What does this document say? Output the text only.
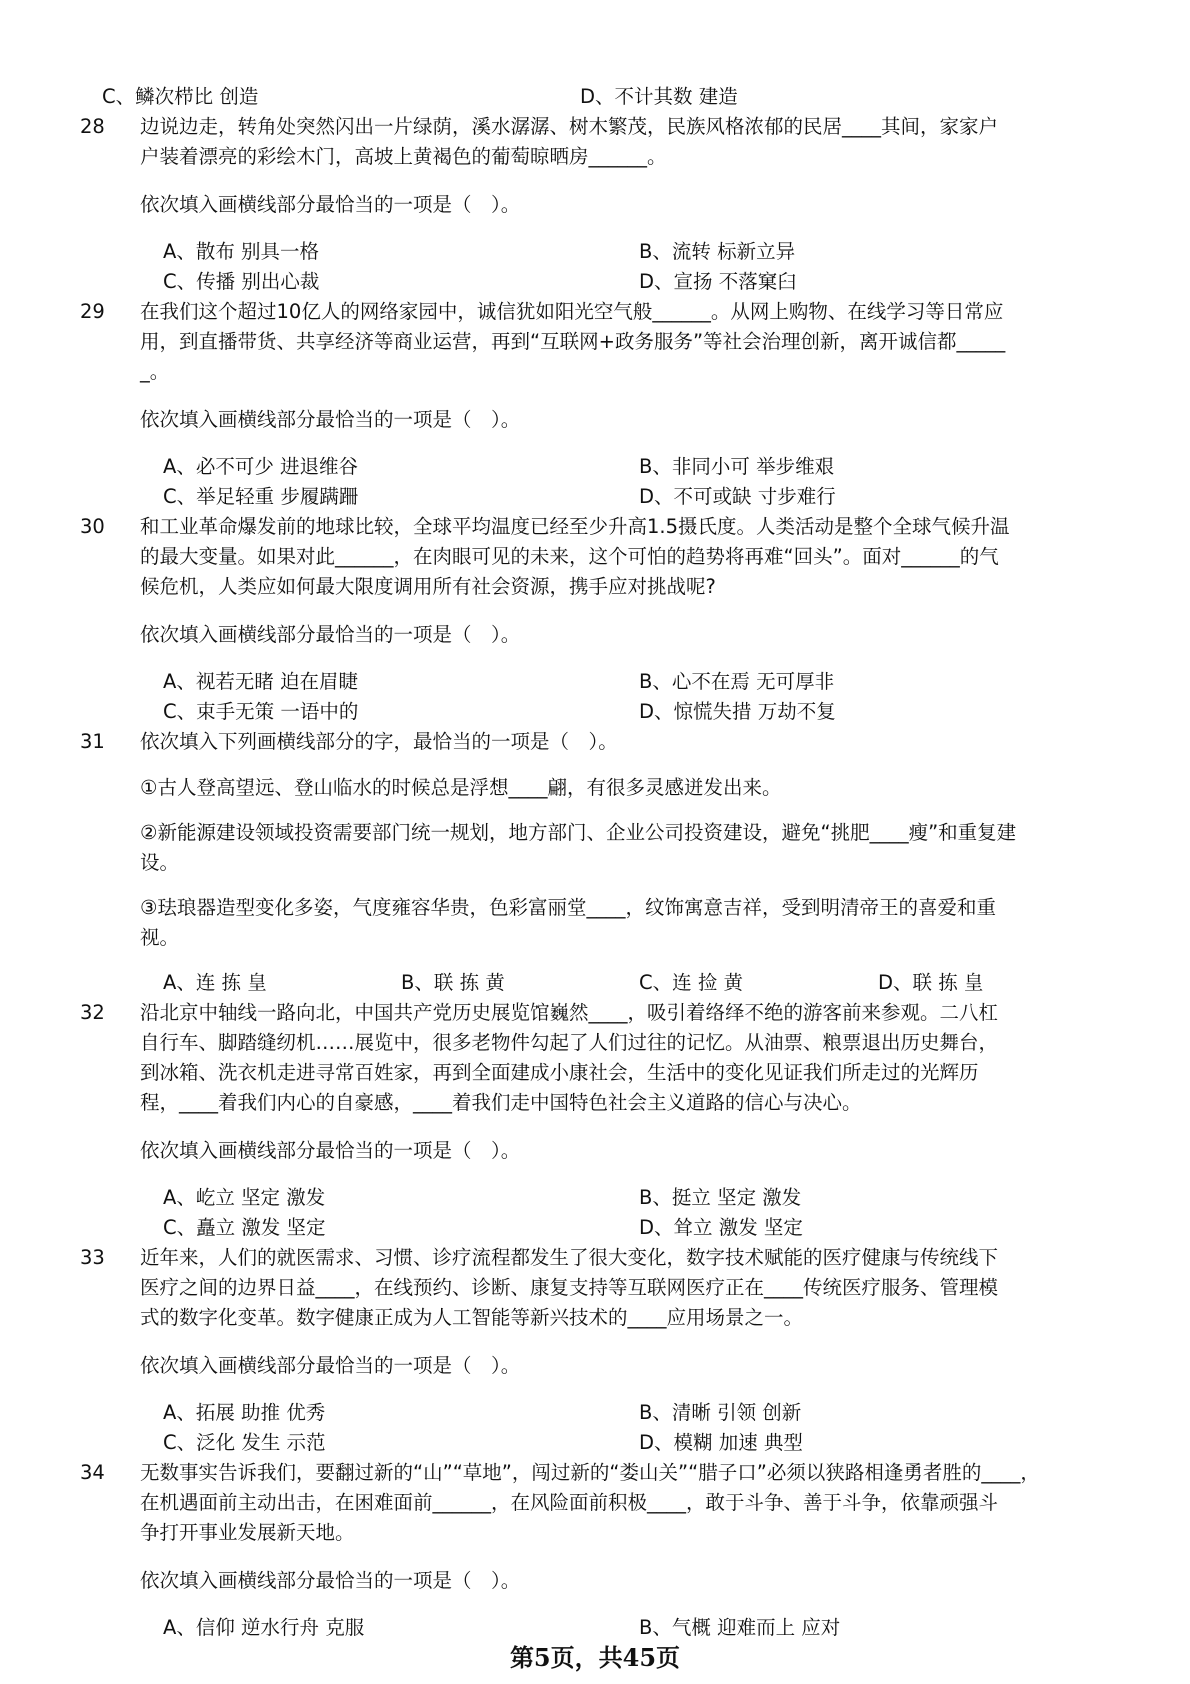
C、鳞次栉比 创造	D、不计其数 建造
28 边说边走，转角处突然闪出一片绿荫，溪水潺潺、树木繁茂，民族风格浓郁的民居____其间，家家户
户装着漂亮的彩绘木门，高坡上黄褐色的葡萄晾晒房______。
依次填入画横线部分最恰当的一项是（　）。
A、散布 别具一格	B、流转 标新立异
C、传播 别出心裁	D、宣扬 不落窠臼
29 在我们这个超过10亿人的网络家园中，诚信犹如阳光空气般______。从网上购物、在线学习等日常应
用，到直播带货、共享经济等商业运营，再到“互联网+政务服务”等社会治理创新，离开诚信都_____
_。
依次填入画横线部分最恰当的一项是（　）。
A、必不可少 进退维谷	B、非同小可 举步维艰
C、举足轻重 步履蹒跚	D、不可或缺 寸步难行
30 和工业革命爆发前的地球比较，全球平均温度已经至少升高1.5摄氏度。人类活动是整个全球气候升温
的最大变量。如果对此______，在肉眼可见的未来，这个可怕的趋势将再难“回头”。面对______的气
候危机，人类应如何最大限度调用所有社会资源，携手应对挑战呢?
依次填入画横线部分最恰当的一项是（　）。
A、视若无睹 迫在眉睫	B、心不在焉 无可厚非
C、束手无策 一语中的	D、惊慌失措 万劫不复
31 依次填入下列画横线部分的字，最恰当的一项是（　）。
①古人登高望远、登山临水的时候总是浮想____翩，有很多灵感迸发出来。
②新能源建设领域投资需要部门统一规划，地方部门、企业公司投资建设，避免“挑肥____瘦”和重复建
设。
③珐琅器造型变化多姿，气度雍容华贵，色彩富丽堂____，纹饰寓意吉祥，受到明清帝王的喜爱和重
视。
A、连 拣 皇	B、联 拣 黄	C、连 捡 黄	D、联 拣 皇
32 沿北京中轴线一路向北，中国共产党历史展览馆巍然____，吸引着络绎不绝的游客前来参观。二八杠
自行车、脚踏缝纫机……展览中，很多老物件勾起了人们过往的记忆。从油票、粮票退出历史舞台，
到冰箱、洗衣机走进寻常百姓家，再到全面建成小康社会，生活中的变化见证我们所走过的光辉历
程，____着我们内心的自豪感，____着我们走中国特色社会主义道路的信心与决心。
依次填入画横线部分最恰当的一项是（　）。
A、屹立 坚定 激发	B、挺立 坚定 激发
C、矗立 激发 坚定	D、耸立 激发 坚定
33 近年来，人们的就医需求、习惯、诊疗流程都发生了很大变化，数字技术赋能的医疗健康与传统线下
医疗之间的边界日益____，在线预约、诊断、康复支持等互联网医疗正在____传统医疗服务、管理模
式的数字化变革。数字健康正成为人工智能等新兴技术的____应用场景之一。
依次填入画横线部分最恰当的一项是（　）。
A、拓展 助推 优秀	B、清晰 引领 创新
C、泛化 发生 示范	D、模糊 加速 典型
34 无数事实告诉我们，要翻过新的“山”“草地”，闯过新的“娄山关”“腊子口”必须以狭路相逢勇者胜的____，
在机遇面前主动出击，在困难面前______，在风险面前积极____，敢于斗争、善于斗争，依靠顽强斗
争打开事业发展新天地。
依次填入画横线部分最恰当的一项是（　）。
A、信仰 逆水行舟 克服	B、气概 迎难而上 应对
第5页，共45页
